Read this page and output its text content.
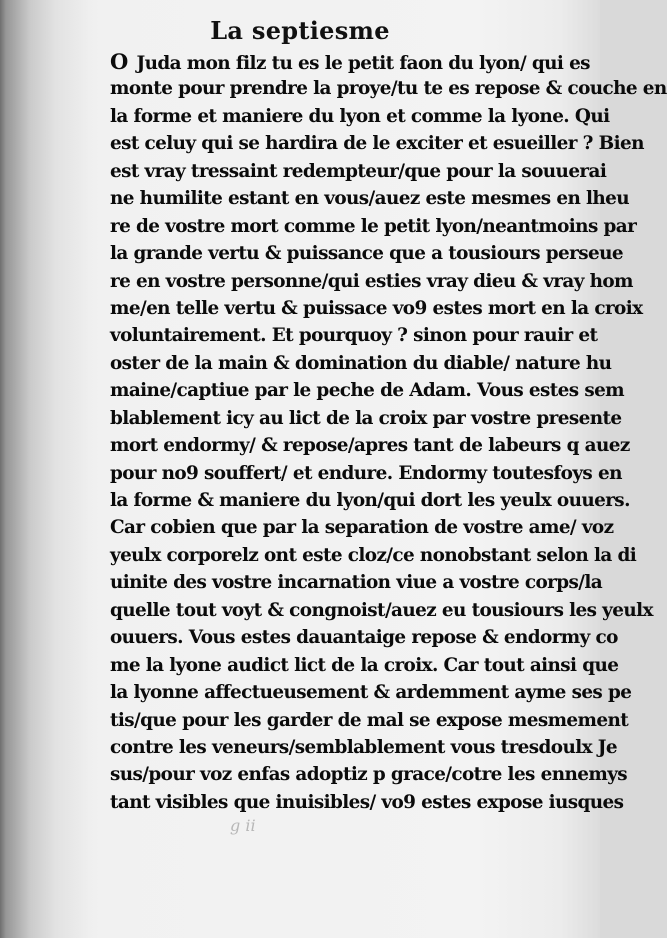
La septiesme
O Juda mon filz tu es le petit faon du lyon/ qui es
monte pour prendre la proye/tu te es repose & couche en
la forme et maniere du lyon et comme la lyone. Qui
est celuy qui se hardira de le exciter et esueiller ? Bien
est vray tressaint redempteur/que pour la souuerai
ne humilite estant en vous/auez este mesmes en lheu
re de vostre mort comme le petit lyon/neantmoins par
la grande vertu & puissance que a tousiours perseue
re en vostre personne/qui esties vray dieu & vray hom
me/en telle vertu & puissace vo9 estes mort en la croix
voluntairement. Et pourquoy ? sinon pour rauir et
oster de la main & domination du diable/ nature hu
maine/captiue par le peche de Adam. Vous estes sem
blablement icy au lict de la croix par vostre presente
mort endormy/ & repose/apres tant de labeurs q auez
pour no9 souffert/ et endure. Endormy toutesfoys en
la forme & maniere du lyon/qui dort les yeulx ouuers.
Car cobien que par la separation de vostre ame/ voz
yeulx corporelz ont este cloz/ce nonobstant selon la di
uinite des vostre incarnation viue a vostre corps/la
quelle tout voyt & congnoist/auez eu tousiours les yeulx
ouuers. Vous estes dauantaige repose & endormy co
me la lyone audict lict de la croix. Car tout ainsi que
la lyonne affectueusement & ardemment ayme ses pe
tis/que pour les garder de mal se expose mesmement
contre les veneurs/semblablement vous tresdoulx Je
sus/pour voz enfas adoptiz p grace/cotre les ennemys
tant visibles que inuisibles/ vo9 estes expose iusques
g ii
